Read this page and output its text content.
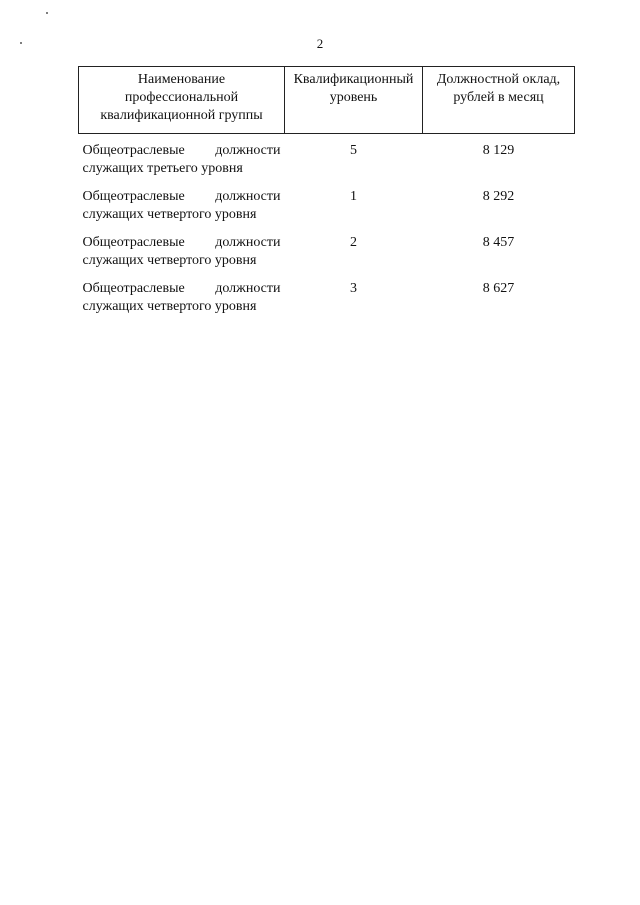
2
Наименование профессиональной квалификационной группы	Квалификационный уровень	Должностной оклад, рублей в месяц
Общеотраслевые должности
служащих третьего уровня	5	8 129
Общеотраслевые должности
служащих четвертого уровня	1	8 292
Общеотраслевые должности
служащих четвертого уровня	2	8 457
Общеотраслевые должности
служащих четвертого уровня	3	8 627
